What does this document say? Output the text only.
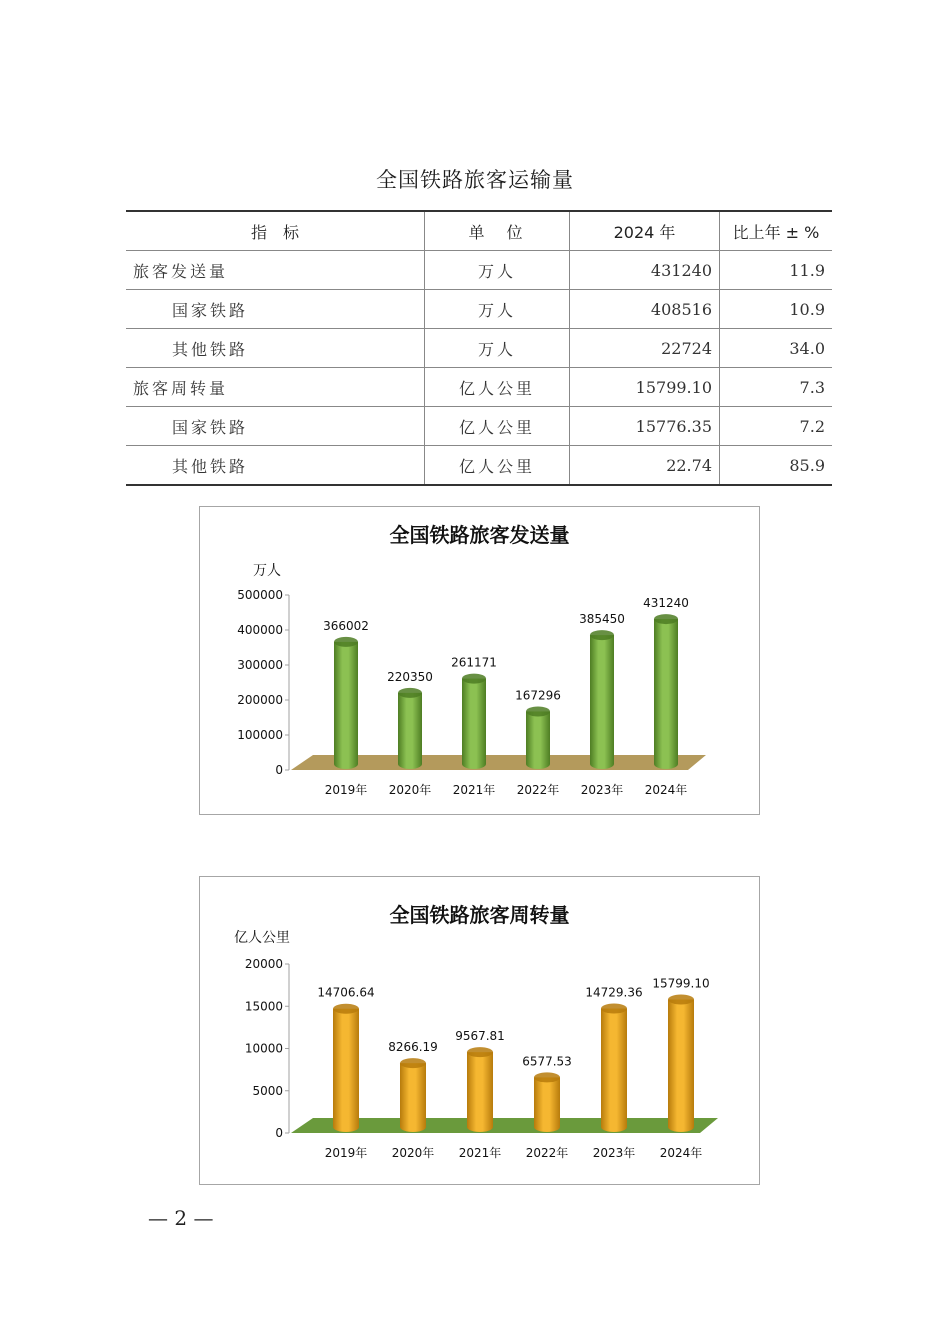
全国铁路旅客运输量
指　标	单　位	2024 年	比上年 ± %
旅客发送量	万人	431240	11.9
国家铁路	万人	408516	10.9
其他铁路	万人	22724	34.0
旅客周转量	亿人公里	15799.10	7.3
国家铁路	亿人公里	15776.35	7.2
其他铁路	亿人公里	22.74	85.9
全国铁路旅客发送量
万人
0
100000
200000
300000
400000
500000
366002
2019年
220350
2020年
261171
2021年
167296
2022年
385450
2023年
431240
2024年
全国铁路旅客周转量
亿人公里
0
5000
10000
15000
20000
14706.64
2019年
8266.19
2020年
9567.81
2021年
6577.53
2022年
14729.36
2023年
15799.10
2024年
— 2 —
